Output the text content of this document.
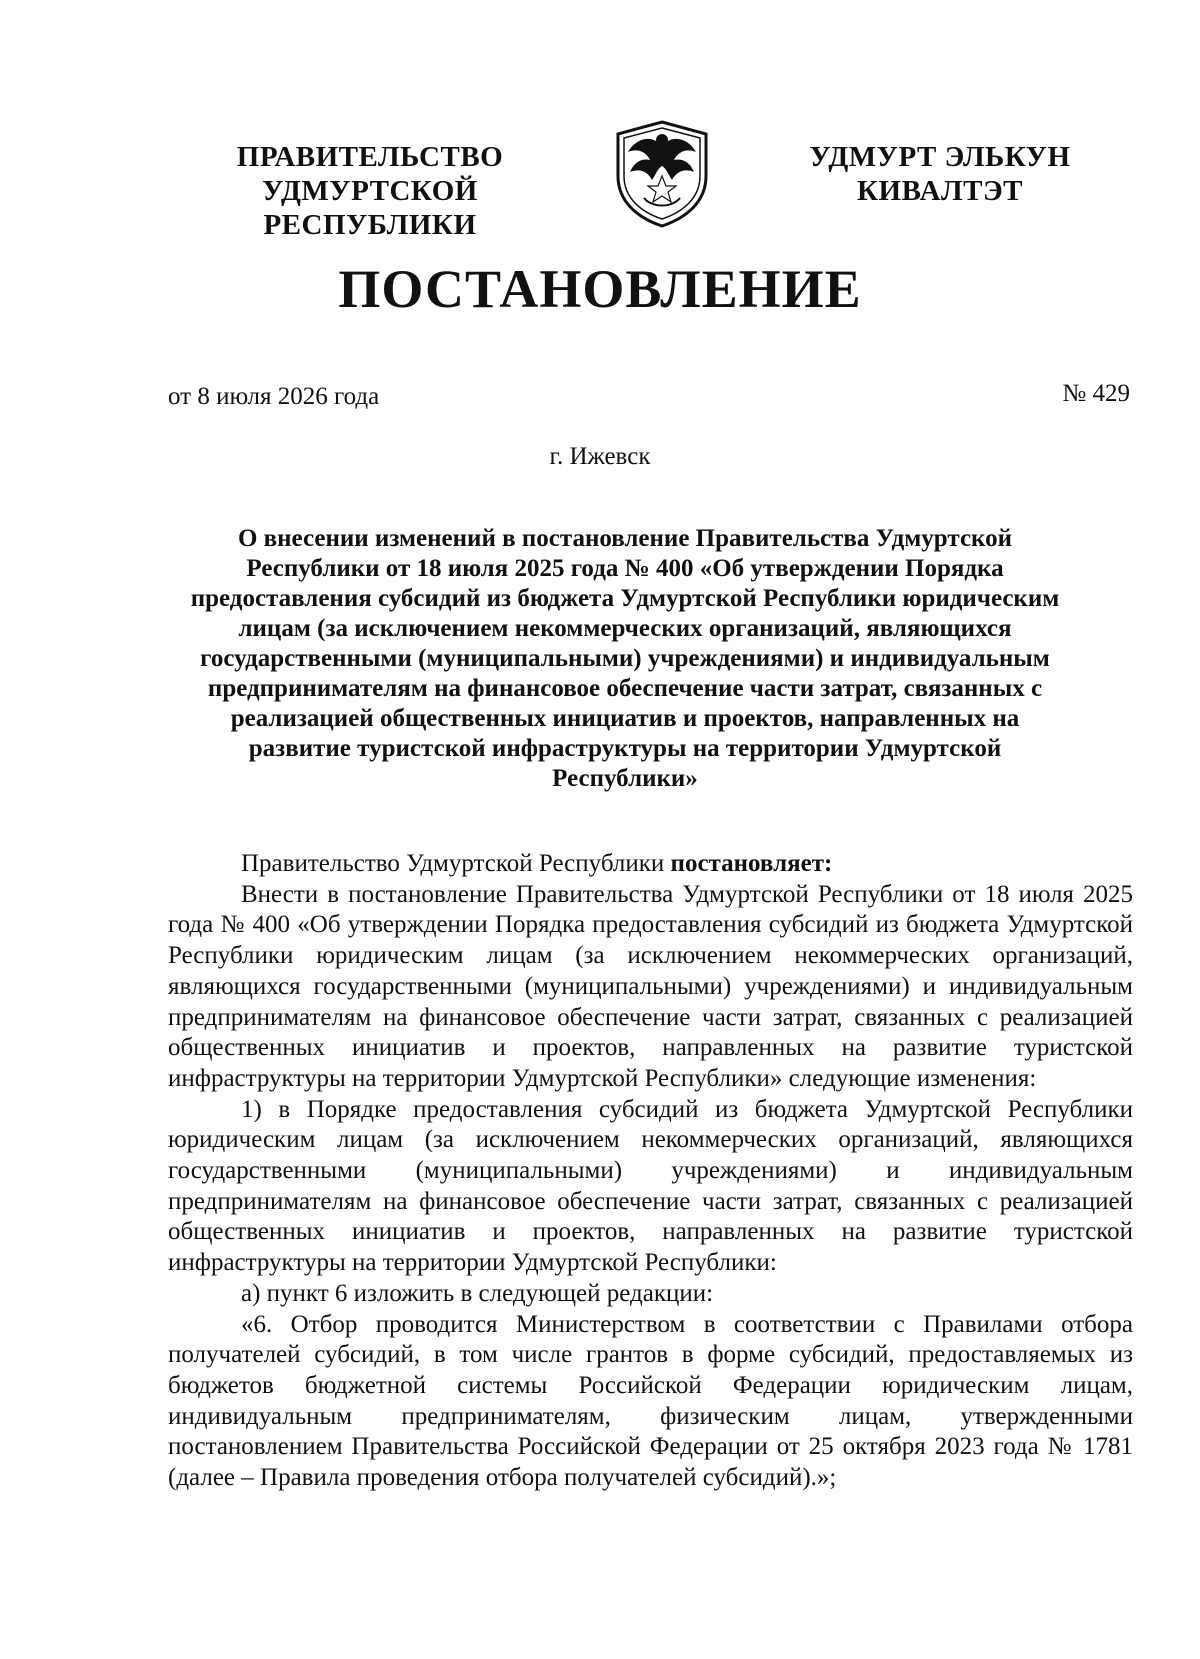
ПРАВИТЕЛЬСТВО
УДМУРТСКОЙ РЕСПУБЛИКИ
УДМУРТ ЭЛЬКУН
КИВАЛТЭТ
ПОСТАНОВЛЕНИЕ
от 8 июля 2026 года	№ 429
г. Ижевск
О внесении изменений в постановление Правительства Удмуртской Республики от 18 июля 2025 года № 400 «Об утверждении Порядка предоставления субсидий из бюджета Удмуртской Республики юридическим лицам (за исключением некоммерческих организаций, являющихся государственными (муниципальными) учреждениями) и индивидуальным предпринимателям на финансовое обеспечение части затрат, связанных с реализацией общественных инициатив и проектов, направленных на развитие туристской инфраструктуры на территории Удмуртской Республики»

Правительство Удмуртской Республики постановляет:

Внести в постановление Правительства Удмуртской Республики от 18 июля 2025 года № 400 «Об утверждении Порядка предоставления субсидий из бюджета Удмуртской Республики юридическим лицам (за исключением некоммерческих организаций, являющихся государственными (муниципальными) учреждениями) и индивидуальным предпринимателям на финансовое обеспечение части затрат, связанных с реализацией общественных инициатив и проектов, направленных на развитие туристской инфраструктуры на территории Удмуртской Республики» следующие изменения:

1) в Порядке предоставления субсидий из бюджета Удмуртской Республики юридическим лицам (за исключением некоммерческих организаций, являющихся государственными (муниципальными) учреждениями) и индивидуальным предпринимателям на финансовое обеспечение части затрат, связанных с реализацией общественных инициатив и проектов, направленных на развитие туристской инфраструктуры на территории Удмуртской Республики:

а) пункт 6 изложить в следующей редакции:

«6. Отбор проводится Министерством в соответствии с Правилами отбора получателей субсидий, в том числе грантов в форме субсидий, предоставляемых из бюджетов бюджетной системы Российской Федерации юридическим лицам, индивидуальным предпринимателям, физическим лицам, утвержденными постановлением Правительства Российской Федерации от 25 октября 2023 года № 1781 (далее – Правила проведения отбора получателей субсидий).»;
